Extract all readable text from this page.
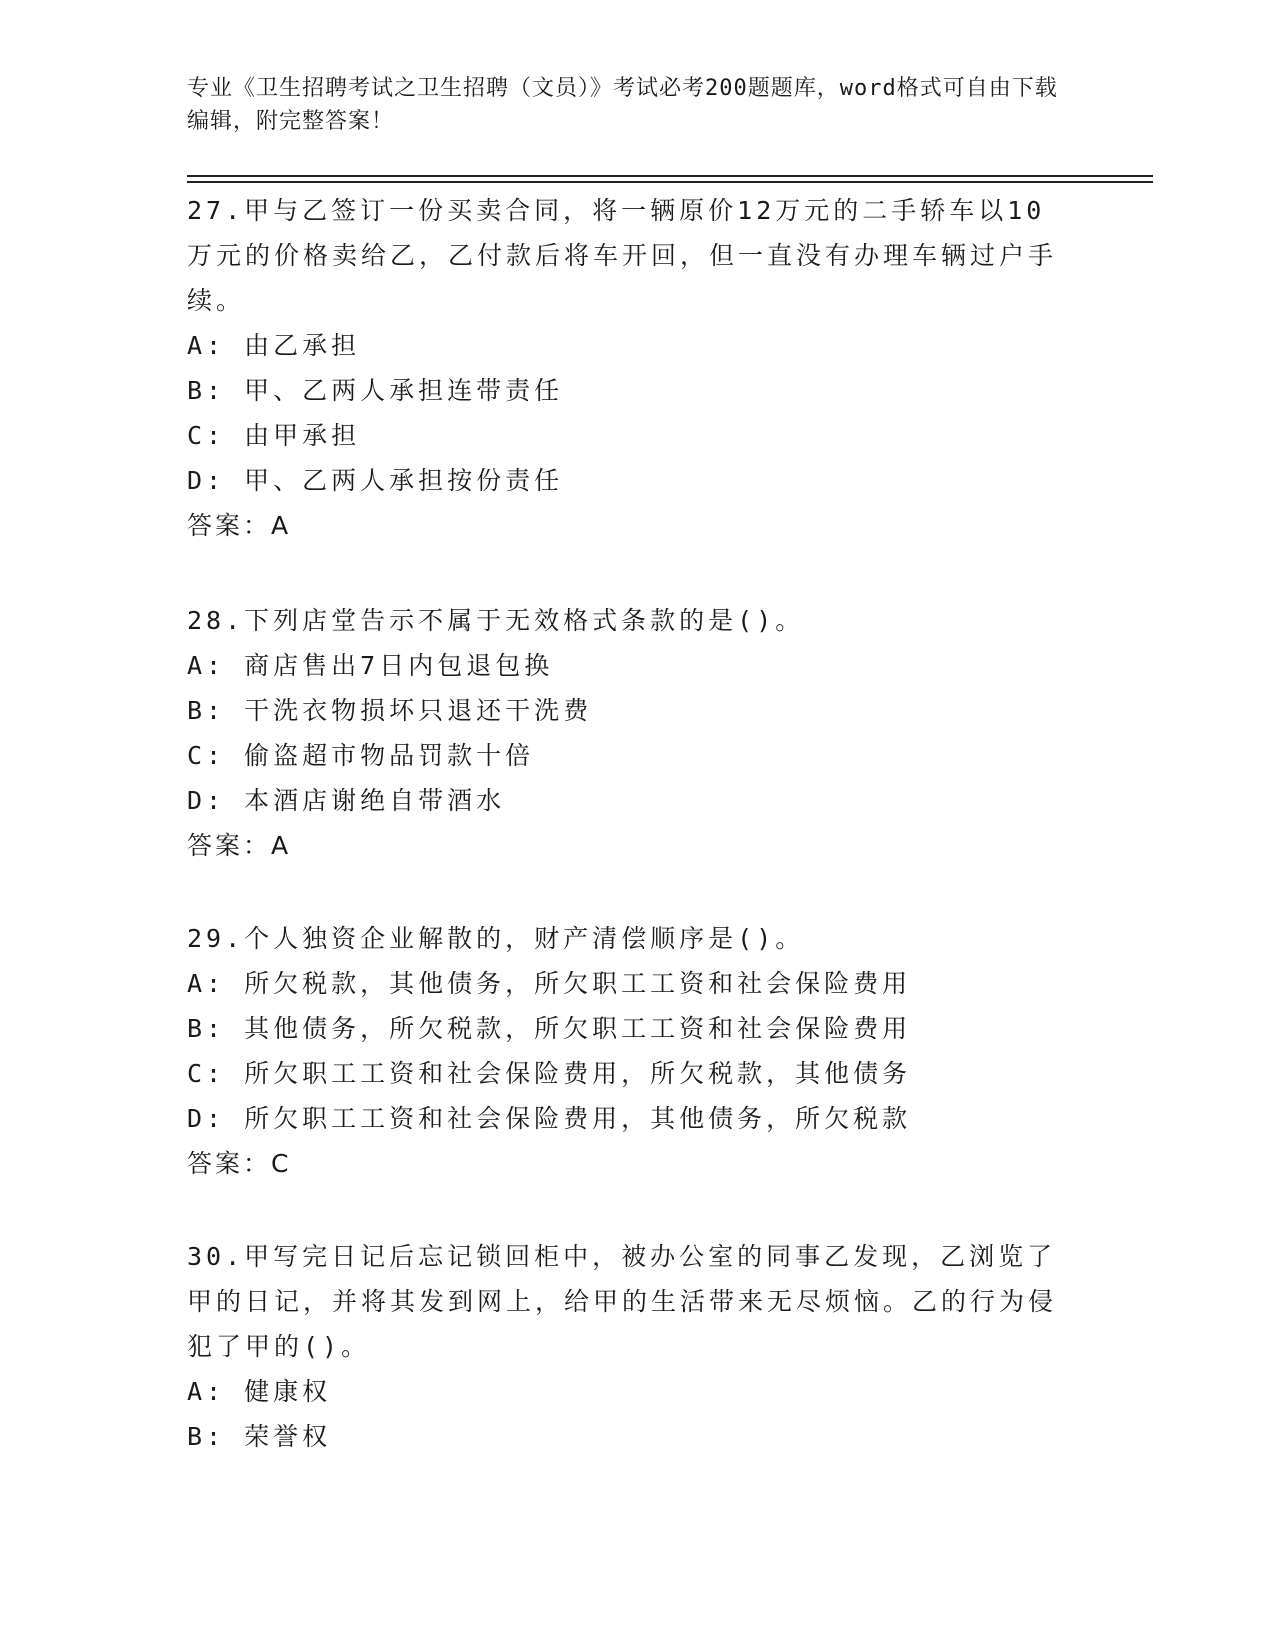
专业《卫生招聘考试之卫生招聘（文员）》考试必考200题题库，word格式可自由下载编辑，附完整答案！

27.甲与乙签订一份买卖合同，将一辆原价12万元的二手轿车以10万元的价格卖给乙，乙付款后将车开回，但一直没有办理车辆过户手续。

A: 由乙承担
B: 甲、乙两人承担连带责任
C: 由甲承担
D: 甲、乙两人承担按份责任
答案：A

28.下列店堂告示不属于无效格式条款的是()。

A: 商店售出7日内包退包换
B: 干洗衣物损坏只退还干洗费
C: 偷盗超市物品罚款十倍
D: 本酒店谢绝自带酒水
答案：A

29.个人独资企业解散的，财产清偿顺序是()。

A: 所欠税款，其他债务，所欠职工工资和社会保险费用
B: 其他债务，所欠税款，所欠职工工资和社会保险费用
C: 所欠职工工资和社会保险费用，所欠税款，其他债务
D: 所欠职工工资和社会保险费用，其他债务，所欠税款
答案：C

30.甲写完日记后忘记锁回柜中，被办公室的同事乙发现，乙浏览了甲的日记，并将其发到网上，给甲的生活带来无尽烦恼。乙的行为侵犯了甲的()。

A: 健康权
B: 荣誉权
